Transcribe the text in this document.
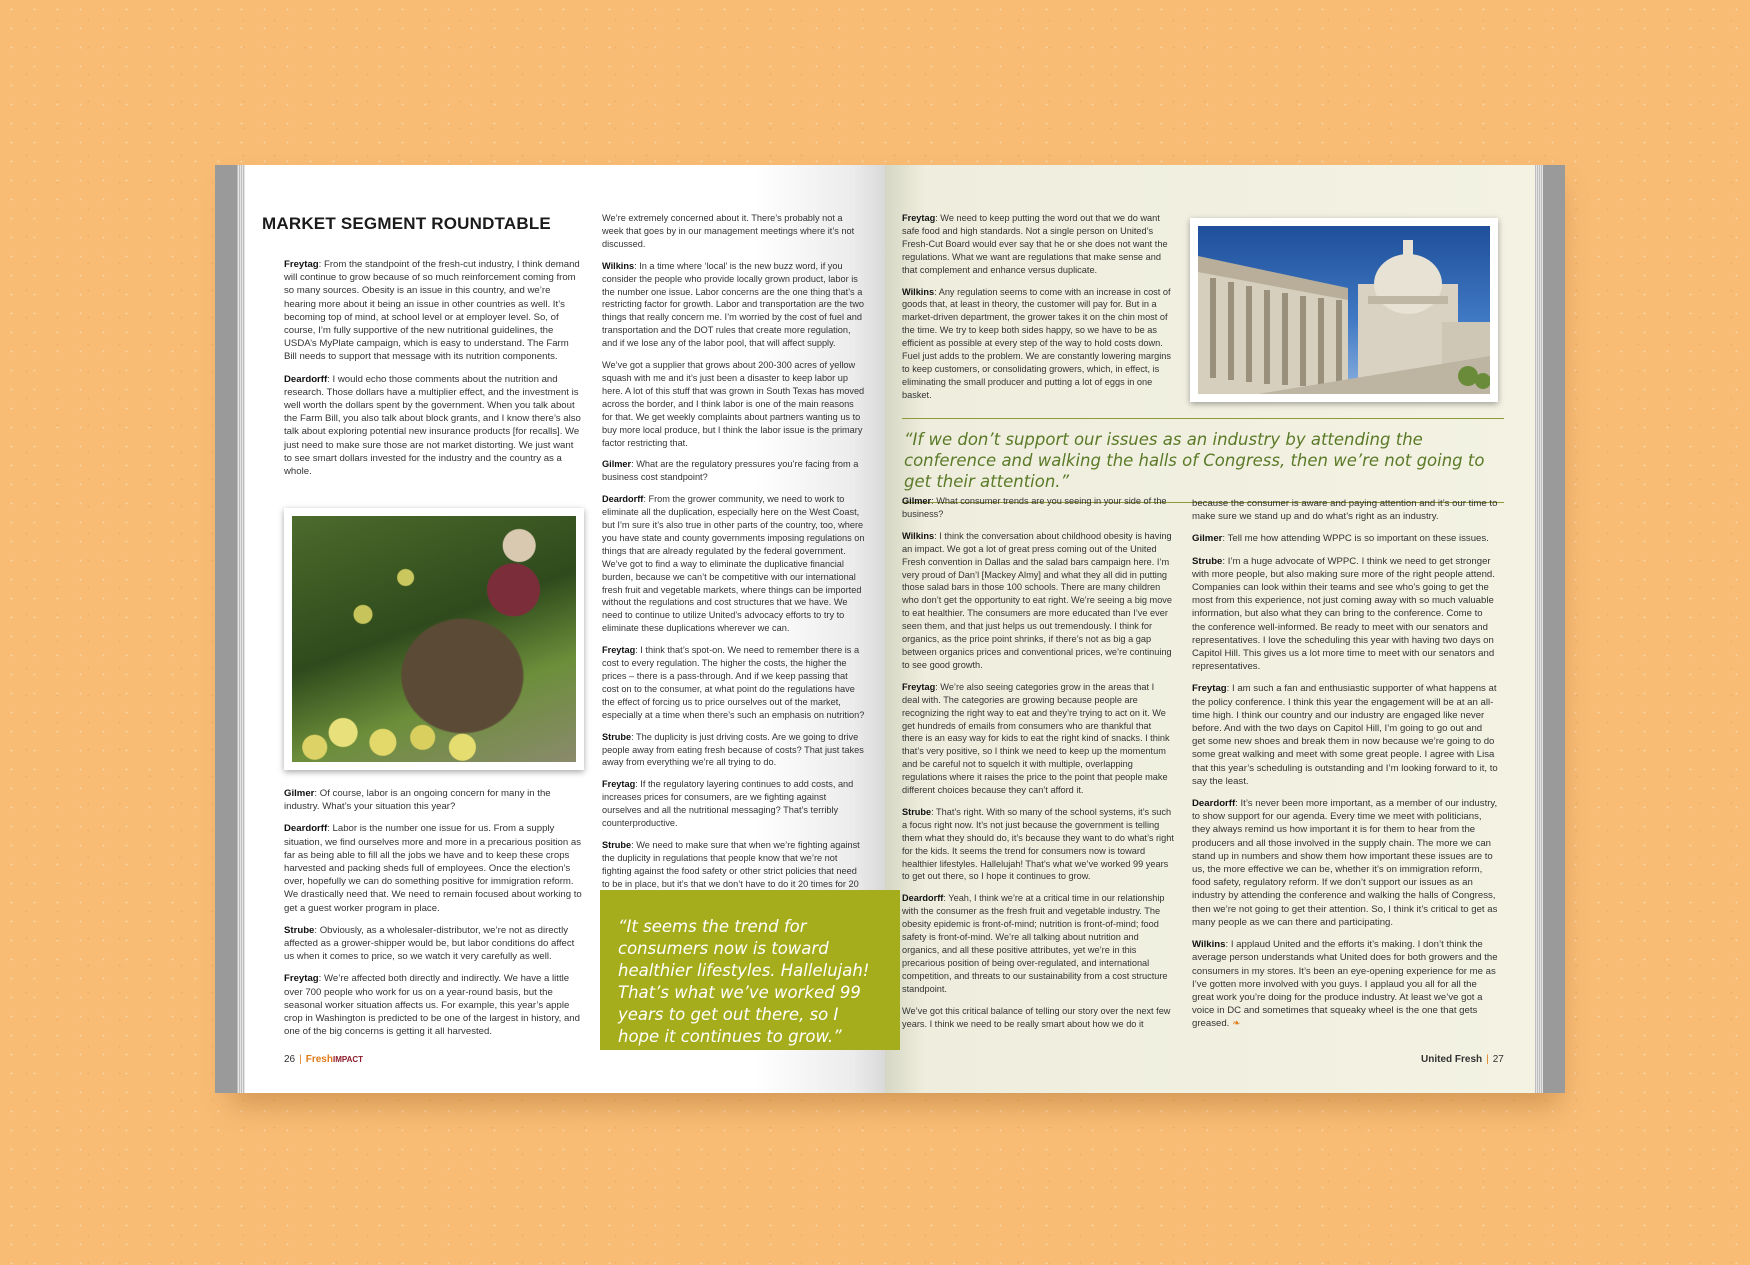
MARKET SEGMENT ROUNDTABLE

Freytag: From the standpoint of the fresh-cut industry, I think demand will continue to grow because of so much reinforcement coming from so many sources. Obesity is an issue in this country, and we’re hearing more about it being an issue in other countries as well. It’s becoming top of mind, at school level or at employer level. So, of course, I’m fully supportive of the new nutritional guidelines, the USDA’s MyPlate campaign, which is easy to understand. The Farm Bill needs to support that message with its nutrition components.

Deardorff: I would echo those comments about the nutrition and research. Those dollars have a multiplier effect, and the investment is well worth the dollars spent by the government. When you talk about the Farm Bill, you also talk about block grants, and I know there’s also talk about exploring potential new insurance products [for recalls]. We just need to make sure those are not market distorting. We just want to see smart dollars invested for the industry and the country as a whole.

Gilmer: Of course, labor is an ongoing concern for many in the industry. What’s your situation this year?

Deardorff: Labor is the number one issue for us. From a supply situation, we find ourselves more and more in a precarious position as far as being able to fill all the jobs we have and to keep these crops harvested and packing sheds full of employees. Once the election’s over, hopefully we can do something positive for immigration reform. We drastically need that. We need to remain focused about working to get a guest worker program in place.

Strube: Obviously, as a wholesaler-distributor, we’re not as directly affected as a grower-shipper would be, but labor conditions do affect us when it comes to price, so we watch it very carefully as well.

Freytag: We’re affected both directly and indirectly. We have a little over 700 people who work for us on a year-round basis, but the seasonal worker situation affects us. For example, this year’s apple crop in Washington is predicted to be one of the largest in history, and one of the big concerns is getting it all harvested.

We’re extremely concerned about it. There’s probably not a week that goes by in our management meetings where it’s not discussed.

Wilkins: In a time where ‘local’ is the new buzz word, if you consider the people who provide locally grown product, labor is the number one issue. Labor concerns are the one thing that’s a restricting factor for growth. Labor and transportation are the two things that really concern me. I’m worried by the cost of fuel and transportation and the DOT rules that create more regulation, and if we lose any of the labor pool, that will affect supply.

We’ve got a supplier that grows about 200-300 acres of yellow squash with me and it’s just been a disaster to keep labor up here. A lot of this stuff that was grown in South Texas has moved across the border, and I think labor is one of the main reasons for that. We get weekly complaints about partners wanting us to buy more local produce, but I think the labor issue is the primary factor restricting that.

Gilmer: What are the regulatory pressures you’re facing from a business cost standpoint?

Deardorff: From the grower community, we need to work to eliminate all the duplication, especially here on the West Coast, but I’m sure it’s also true in other parts of the country, too, where you have state and county governments imposing regulations on things that are already regulated by the federal government. We’ve got to find a way to eliminate the duplicative financial burden, because we can’t be competitive with our international fresh fruit and vegetable markets, where things can be imported without the regulations and cost structures that we have. We need to continue to utilize United’s advocacy efforts to try to eliminate these duplications wherever we can.

Freytag: I think that’s spot-on. We need to remember there is a cost to every regulation. The higher the costs, the higher the prices – there is a pass-through. And if we keep passing that cost on to the consumer, at what point do the regulations have the effect of forcing us to price ourselves out of the market, especially at a time when there’s such an emphasis on nutrition?

Strube: The duplicity is just driving costs. Are we going to drive people away from eating fresh because of costs? That just takes away from everything we’re all trying to do.

Freytag: If the regulatory layering continues to add costs, and increases prices for consumers, are we fighting against ourselves and all the nutritional messaging? That’s terribly counterproductive.

Strube: We need to make sure that when we’re fighting against the duplicity in regulations that people know that we’re not fighting against the food safety or other strict policies that need to be in place, but it’s that we don’t have to do it 20 times for 20

“It seems the trend for consumers now is toward healthier lifestyles. Hallelujah! That’s what we’ve worked 99 years to get out there, so I hope it continues to grow.”
26 | FreshIMPACT

Freytag: We need to keep putting the word out that we do want safe food and high standards. Not a single person on United’s Fresh-Cut Board would ever say that he or she does not want the regulations. What we want are regulations that make sense and that complement and enhance versus duplicate.

Wilkins: Any regulation seems to come with an increase in cost of goods that, at least in theory, the customer will pay for. But in a market-driven department, the grower takes it on the chin most of the time. We try to keep both sides happy, so we have to be as efficient as possible at every step of the way to hold costs down. Fuel just adds to the problem. We are constantly lowering margins to keep customers, or consolidating growers, which, in effect, is eliminating the small producer and putting a lot of eggs in one basket.

“If we don’t support our issues as an industry by attending the conference and walking the halls of Congress, then we’re not going to get their attention.”

Gilmer: What consumer trends are you seeing in your side of the business?

Wilkins: I think the conversation about childhood obesity is having an impact. We got a lot of great press coming out of the United Fresh convention in Dallas and the salad bars campaign here. I’m very proud of Dan’l [Mackey Almy] and what they all did in putting those salad bars in those 100 schools. There are many children who don’t get the opportunity to eat right. We’re seeing a big move to eat healthier. The consumers are more educated than I’ve ever seen them, and that just helps us out tremendously. I think for organics, as the price point shrinks, if there’s not as big a gap between organics prices and conventional prices, we’re continuing to see good growth.

Freytag: We’re also seeing categories grow in the areas that I deal with. The categories are growing because people are recognizing the right way to eat and they’re trying to act on it. We get hundreds of emails from consumers who are thankful that there is an easy way for kids to eat the right kind of snacks. I think that’s very positive, so I think we need to keep up the momentum and be careful not to squelch it with multiple, overlapping regulations where it raises the price to the point that people make different choices because they can’t afford it.

Strube: That’s right. With so many of the school systems, it’s such a focus right now. It’s not just because the government is telling them what they should do, it’s because they want to do what’s right for the kids. It seems the trend for consumers now is toward healthier lifestyles. Hallelujah! That’s what we’ve worked 99 years to get out there, so I hope it continues to grow.

Deardorff: Yeah, I think we’re at a critical time in our relationship with the consumer as the fresh fruit and vegetable industry. The obesity epidemic is front-of-mind; nutrition is front-of-mind; food safety is front-of-mind. We’re all talking about nutrition and organics, and all these positive attributes, yet we’re in this precarious position of being over-regulated, and international competition, and threats to our sustainability from a cost structure standpoint.

We’ve got this critical balance of telling our story over the next few years. I think we need to be really smart about how we do it

because the consumer is aware and paying attention and it’s our time to make sure we stand up and do what’s right as an industry.

Gilmer: Tell me how attending WPPC is so important on these issues.

Strube: I’m a huge advocate of WPPC. I think we need to get stronger with more people, but also making sure more of the right people attend. Companies can look within their teams and see who’s going to get the most from this experience, not just coming away with so much valuable information, but also what they can bring to the conference. Come to the conference well-informed. Be ready to meet with our senators and representatives. I love the scheduling this year with having two days on Capitol Hill. This gives us a lot more time to meet with our senators and representatives.

Freytag: I am such a fan and enthusiastic supporter of what happens at the policy conference. I think this year the engagement will be at an all-time high. I think our country and our industry are engaged like never before. And with the two days on Capitol Hill, I’m going to go out and get some new shoes and break them in now because we’re going to do some great walking and meet with some great people. I agree with Lisa that this year’s scheduling is outstanding and I’m looking forward to it, to say the least.

Deardorff: It’s never been more important, as a member of our industry, to show support for our agenda. Every time we meet with politicians, they always remind us how important it is for them to hear from the producers and all those involved in the supply chain. The more we can stand up in numbers and show them how important these issues are to us, the more effective we can be, whether it’s on immigration reform, food safety, regulatory reform. If we don’t support our issues as an industry by attending the conference and walking the halls of Congress, then we’re not going to get their attention. So, I think it’s critical to get as many people as we can there and participating.

Wilkins: I applaud United and the efforts it’s making. I don’t think the average person understands what United does for both growers and the consumers in my stores. It’s been an eye-opening experience for me as I’ve gotten more involved with you guys. I applaud you all for all the great work you’re doing for the produce industry. At least we’ve got a voice in DC and sometimes that squeaky wheel is the one that gets greased. ❧

United Fresh | 27
